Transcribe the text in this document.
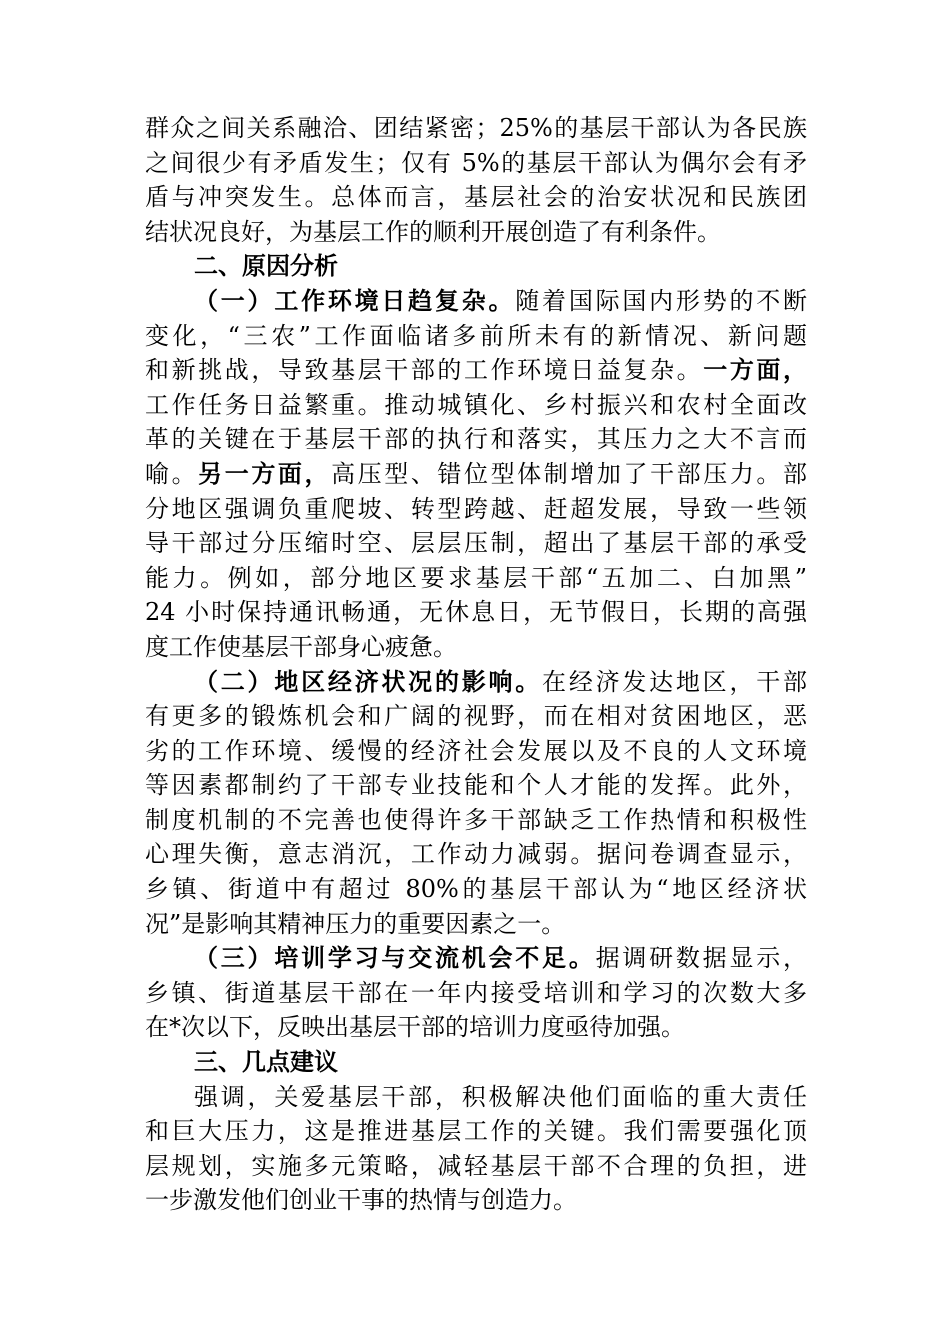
群众之间关系融洽、团结紧密；25%的基层干部认为各民族
之间很少有矛盾发生；仅有 5%的基层干部认为偶尔会有矛
盾与冲突发生。总体而言，基层社会的治安状况和民族团
结状况良好，为基层工作的顺利开展创造了有利条件。
二、原因分析
（一）工作环境日趋复杂。随着国际国内形势的不断
变化，“三农”工作面临诸多前所未有的新情况、新问题
和新挑战，导致基层干部的工作环境日益复杂。一方面，
工作任务日益繁重。推动城镇化、乡村振兴和农村全面改
革的关键在于基层干部的执行和落实，其压力之大不言而
喻。另一方面，高压型、错位型体制增加了干部压力。部
分地区强调负重爬坡、转型跨越、赶超发展，导致一些领
导干部过分压缩时空、层层压制，超出了基层干部的承受
能力。例如，部分地区要求基层干部“五加二、白加黑”
24 小时保持通讯畅通，无休息日，无节假日，长期的高强
度工作使基层干部身心疲惫。
（二）地区经济状况的影响。在经济发达地区，干部
有更多的锻炼机会和广阔的视野，而在相对贫困地区，恶
劣的工作环境、缓慢的经济社会发展以及不良的人文环境
等因素都制约了干部专业技能和个人才能的发挥。此外，
制度机制的不完善也使得许多干部缺乏工作热情和积极性
心理失衡，意志消沉，工作动力减弱。据问卷调查显示，
乡镇、街道中有超过 80%的基层干部认为“地区经济状
况”是影响其精神压力的重要因素之一。
（三）培训学习与交流机会不足。据调研数据显示，
乡镇、街道基层干部在一年内接受培训和学习的次数大多
在*次以下，反映出基层干部的培训力度亟待加强。
三、几点建议
强调，关爱基层干部，积极解决他们面临的重大责任
和巨大压力，这是推进基层工作的关键。我们需要强化顶
层规划，实施多元策略，减轻基层干部不合理的负担，进
一步激发他们创业干事的热情与创造力。
